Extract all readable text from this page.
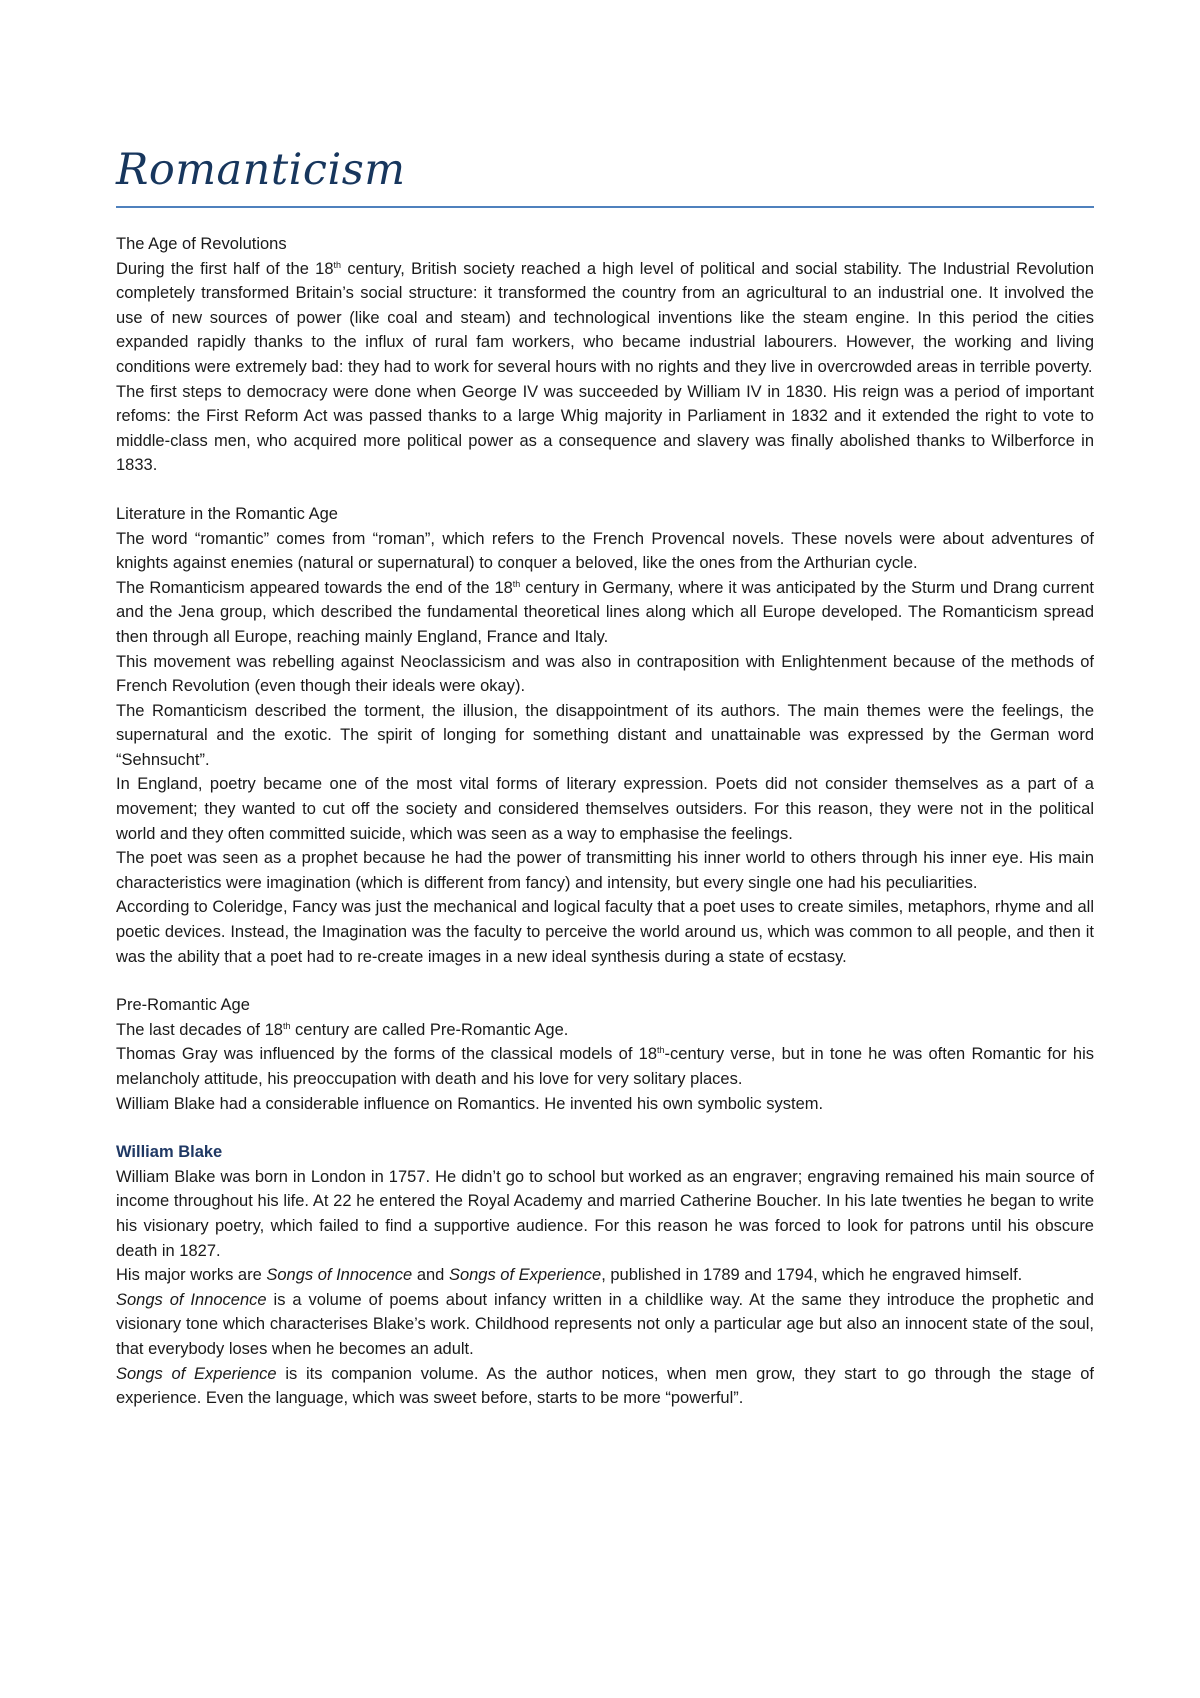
Romanticism
The Age of Revolutions

During the first half of the 18th century, British society reached a high level of political and social stability. The Industrial Revolution completely transformed Britain’s social structure: it transformed the country from an agricultural to an industrial one. It involved the use of new sources of power (like coal and steam) and technological inventions like the steam engine. In this period the cities expanded rapidly thanks to the influx of rural fam workers, who became industrial labourers. However, the working and living conditions were extremely bad: they had to work for several hours with no rights and they live in overcrowded areas in terrible poverty.

The first steps to democracy were done when George IV was succeeded by William IV in 1830. His reign was a period of important refoms: the First Reform Act was passed thanks to a large Whig majority in Parliament in 1832 and it extended the right to vote to middle-class men, who acquired more political power as a consequence and slavery was finally abolished thanks to Wilberforce in 1833.

Literature in the Romantic Age

The word “romantic” comes from “roman”, which refers to the French Provencal novels. These novels were about adventures of knights against enemies (natural or supernatural) to conquer a beloved, like the ones from the Arthurian cycle.

The Romanticism appeared towards the end of the 18th century in Germany, where it was anticipated by the Sturm und Drang current and the Jena group, which described the fundamental theoretical lines along which all Europe developed. The Romanticism spread then through all Europe, reaching mainly England, France and Italy.

This movement was rebelling against Neoclassicism and was also in contraposition with Enlightenment because of the methods of French Revolution (even though their ideals were okay).

The Romanticism described the torment, the illusion, the disappointment of its authors. The main themes were the feelings, the supernatural and the exotic. The spirit of longing for something distant and unattainable was expressed by the German word “Sehnsucht”.

In England, poetry became one of the most vital forms of literary expression. Poets did not consider themselves as a part of a movement; they wanted to cut off the society and considered themselves outsiders. For this reason, they were not in the political world and they often committed suicide, which was seen as a way to emphasise the feelings.

The poet was seen as a prophet because he had the power of transmitting his inner world to others through his inner eye. His main characteristics were imagination (which is different from fancy) and intensity, but every single one had his peculiarities.

According to Coleridge, Fancy was just the mechanical and logical faculty that a poet uses to create similes, metaphors, rhyme and all poetic devices. Instead, the Imagination was the faculty to perceive the world around us, which was common to all people, and then it was the ability that a poet had to re-create images in a new ideal synthesis during a state of ecstasy.

Pre-Romantic Age

The last decades of 18th century are called Pre-Romantic Age.

Thomas Gray was influenced by the forms of the classical models of 18th-century verse, but in tone he was often Romantic for his melancholy attitude, his preoccupation with death and his love for very solitary places.

William Blake had a considerable influence on Romantics. He invented his own symbolic system.

William Blake

William Blake was born in London in 1757. He didn’t go to school but worked as an engraver; engraving remained his main source of income throughout his life. At 22 he entered the Royal Academy and married Catherine Boucher. In his late twenties he began to write his visionary poetry, which failed to find a supportive audience. For this reason he was forced to look for patrons until his obscure death in 1827.

His major works are Songs of Innocence and Songs of Experience, published in 1789 and 1794, which he engraved himself.

Songs of Innocence is a volume of poems about infancy written in a childlike way. At the same they introduce the prophetic and visionary tone which characterises Blake’s work. Childhood represents not only a particular age but also an innocent state of the soul, that everybody loses when he becomes an adult.

Songs of Experience is its companion volume. As the author notices, when men grow, they start to go through the stage of experience. Even the language, which was sweet before, starts to be more “powerful”.
